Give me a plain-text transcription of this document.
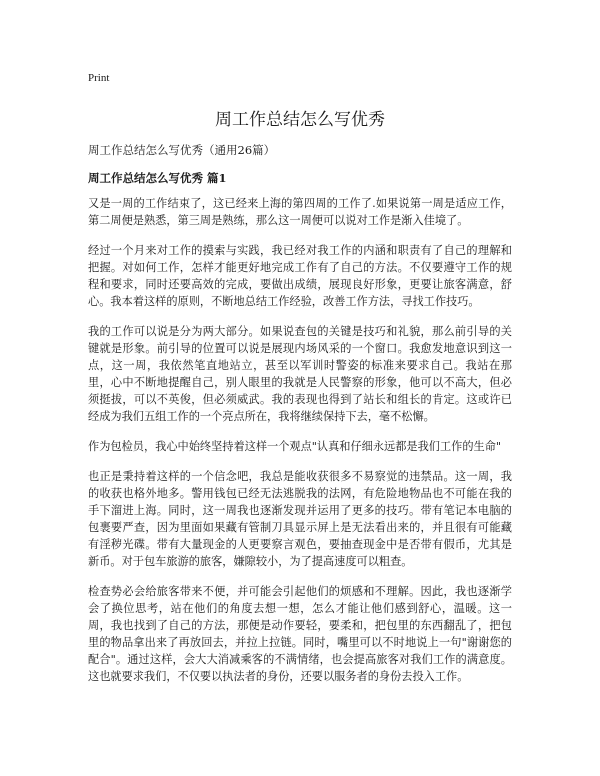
Print
周工作总结怎么写优秀
周工作总结怎么写优秀（通用26篇）
周工作总结怎么写优秀 篇1

又是一周的工作结束了，这已经来上海的第四周的工作了.如果说第一周是适应工作，第二周便是熟悉，第三周是熟练，那么这一周便可以说对工作是渐入佳境了。

经过一个月来对工作的摸索与实践，我已经对我工作的内涵和职责有了自己的理解和把握。对如何工作，怎样才能更好地完成工作有了自己的方法。不仅要遵守工作的规程和要求，同时还要高效的完成，要做出成绩，展现良好形象，更要让旅客满意，舒心。我本着这样的原则，不断地总结工作经验，改善工作方法，寻找工作技巧。

我的工作可以说是分为两大部分。如果说查包的关键是技巧和礼貌，那么前引导的关键就是形象。前引导的位置可以说是展现内场风采的一个窗口。我愈发地意识到这一点，这一周，我依然笔直地站立，甚至以军训时警姿的标准来要求自己。我站在那里，心中不断地提醒自己，别人眼里的我就是人民警察的形象，他可以不高大，但必须挺拔，可以不英俊，但必须威武。我的表现也得到了站长和组长的肯定。这或许已经成为我们五组工作的一个亮点所在，我将继续保持下去，毫不松懈。

作为包检员，我心中始终坚持着这样一个观点"认真和仔细永远都是我们工作的生命"

也正是秉持着这样的一个信念吧，我总是能收获很多不易察觉的违禁品。这一周，我的收获也格外地多。警用钱包已经无法逃脱我的法网，有危险地物品也不可能在我的手下溜进上海。同时，这一周我也逐渐发现并运用了更多的技巧。带有笔记本电脑的包裹要严查，因为里面如果藏有管制刀具显示屏上是无法看出来的，并且很有可能藏有淫秽光碟。带有大量现金的人更要察言观色，要抽查现金中是否带有假币，尤其是新币。对于包车旅游的旅客，嫌隙较小，为了提高速度可以粗查。

检查势必会给旅客带来不便，并可能会引起他们的烦感和不理解。因此，我也逐渐学会了换位思考，站在他们的角度去想一想，怎么才能让他们感到舒心，温暖。这一周，我也找到了自己的方法，那便是动作要轻，要柔和，把包里的东西翻乱了，把包里的物品拿出来了再放回去，并拉上拉链。同时，嘴里可以不时地说上一句"谢谢您的配合"。通过这样，会大大消减乘客的不满情绪，也会提高旅客对我们工作的满意度。这也就要求我们，不仅要以执法者的身份，还要以服务者的身份去投入工作。
